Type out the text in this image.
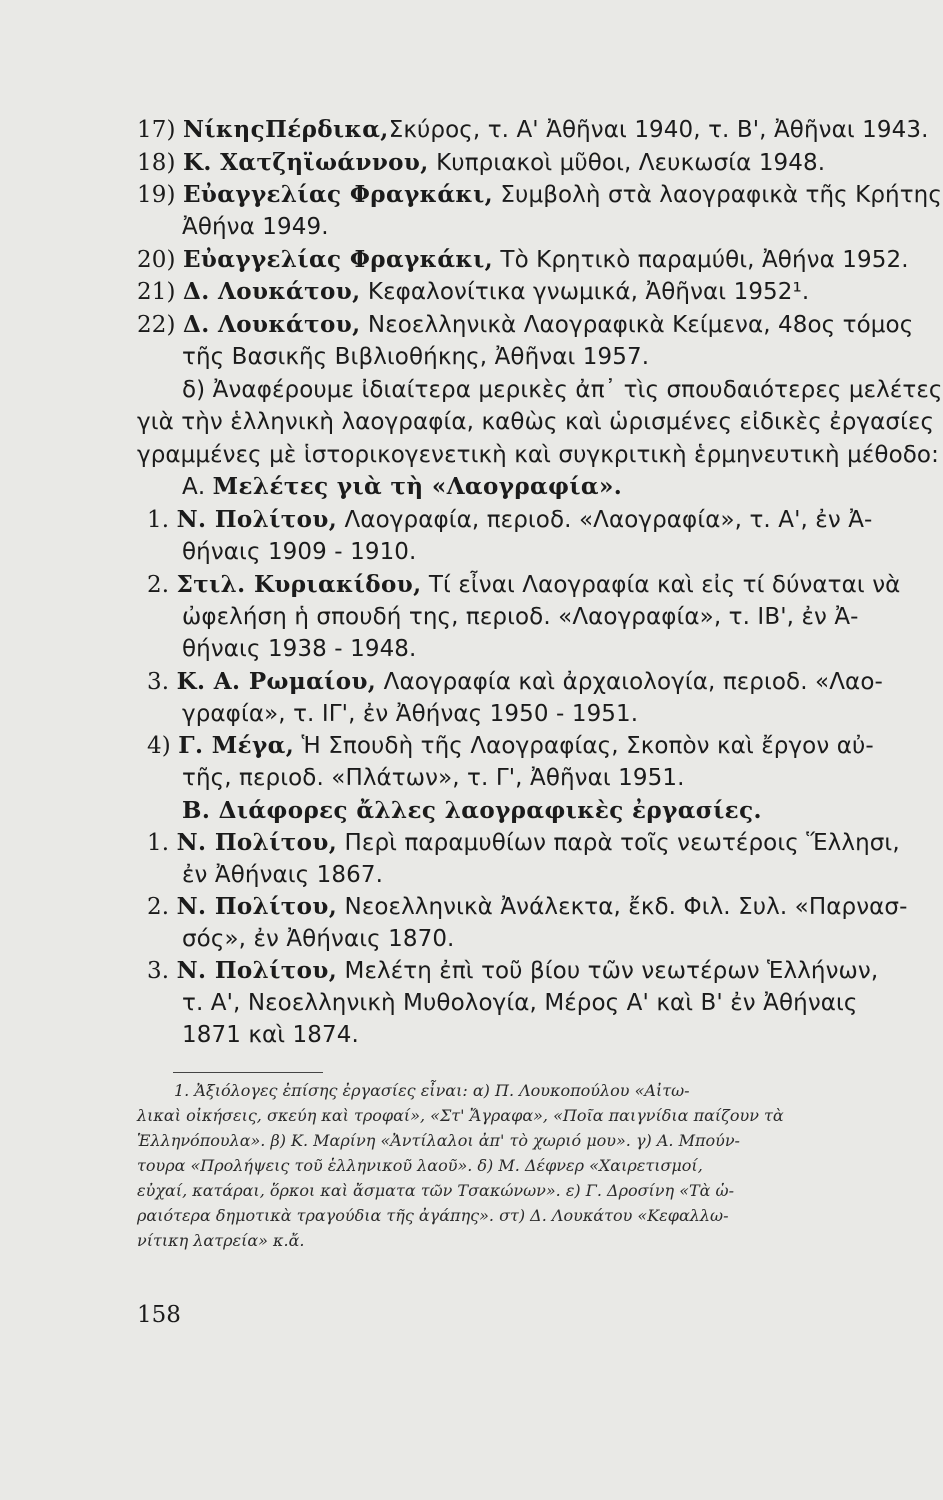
17) ΝίκηςΠέρδικα,Σκύρος, τ. Α' Ἀθῆναι 1940, τ. Β', Ἀθῆναι 1943.
18) Κ. Χατζηϊωάννου, Κυπριακοὶ μῦθοι, Λευκωσία 1948.
19) Εὐαγγελίας Φραγκάκι, Συμβολὴ στὰ λαογραφικὰ τῆς Κρήτης
Ἀθήνα 1949.
20) Εὐαγγελίας Φραγκάκι, Τὸ Κρητικὸ παραμύθι, Ἀθήνα 1952.
21) Δ. Λουκάτου, Κεφαλονίτικα γνωμικά, Ἀθῆναι 1952¹.
22) Δ. Λουκάτου, Νεοελληνικὰ Λαογραφικὰ Κείμενα, 48ος τόμος
τῆς Βασικῆς Βιβλιοθήκης, Ἀθῆναι 1957.
δ) Ἀναφέρουμε ἰδιαίτερα μερικὲς ἀπ᾽ τὶς σπουδαιότερες μελέτες
γιὰ τὴν ἑλληνικὴ λαογραφία, καθὼς καὶ ὡρισμένες εἰδικὲς ἐργασίες
γραμμένες μὲ ἱστορικογενετικὴ καὶ συγκριτικὴ ἑρμηνευτικὴ μέθοδο:
Α. Μελέτες γιὰ τὴ «Λαογραφία».
1. Ν. Πολίτου, Λαογραφία, περιοδ. «Λαογραφία», τ. Α', ἐν Ἀ-
θήναις 1909 - 1910.
2. Στιλ. Κυριακίδου, Τί εἶναι Λαογραφία καὶ εἰς τί δύναται νὰ
ὠφελήση ἡ σπουδή της, περιοδ. «Λαογραφία», τ. ΙΒ', ἐν Ἀ-
θήναις 1938 - 1948.
3. Κ. Α. Ρωμαίου, Λαογραφία καὶ ἀρχαιολογία, περιοδ. «Λαο-
γραφία», τ. ΙΓ', ἐν Ἀθήνας 1950 - 1951.
4) Γ. Μέγα, Ἡ Σπουδὴ τῆς Λαογραφίας, Σκοπὸν καὶ ἔργον αὐ-
τῆς, περιοδ. «Πλάτων», τ. Γ', Ἀθῆναι 1951.
Β. Διάφορες ἄλλες λαογραφικὲς ἐργασίες.
1. Ν. Πολίτου, Περὶ παραμυθίων παρὰ τοῖς νεωτέροις Ἕλλησι,
ἐν Ἀθήναις 1867.
2. Ν. Πολίτου, Νεοελληνικὰ Ἀνάλεκτα, ἔκδ. Φιλ. Συλ. «Παρνασ-
σός», ἐν Ἀθήναις 1870.
3. Ν. Πολίτου, Μελέτη ἐπὶ τοῦ βίου τῶν νεωτέρων Ἑλλήνων,
τ. Α', Νεοελληνικὴ Μυθολογία, Μέρος Α' καὶ Β' ἐν Ἀθήναις
1871 καὶ 1874.
1. Ἀξιόλογες ἐπίσης ἐργασίες εἶναι: α) Π. Λουκοπούλου «Αἰτω-
λικαὶ οἰκήσεις, σκεύη καὶ τροφαί», «Στ' Ἄγραφα», «Ποῖα παιγνίδια παίζουν τὰ
Ἑλληνόπουλα». β) Κ. Μαρίνη «Ἀντίλαλοι ἀπ' τὸ χωριό μου». γ) Α. Μπούν-
τουρα «Προλήψεις τοῦ ἑλληνικοῦ λαοῦ». δ) Μ. Δέφνερ «Χαιρετισμοί,
εὐχαί, κατάραι, ὅρκοι καὶ ἄσματα τῶν Τσακώνων». ε) Γ. Δροσίνη «Τὰ ὡ-
ραιότερα δημοτικὰ τραγούδια τῆς ἀγάπης». στ) Δ. Λουκάτου «Κεφαλλω-
νίτικη λατρεία» κ.ἄ.
158
